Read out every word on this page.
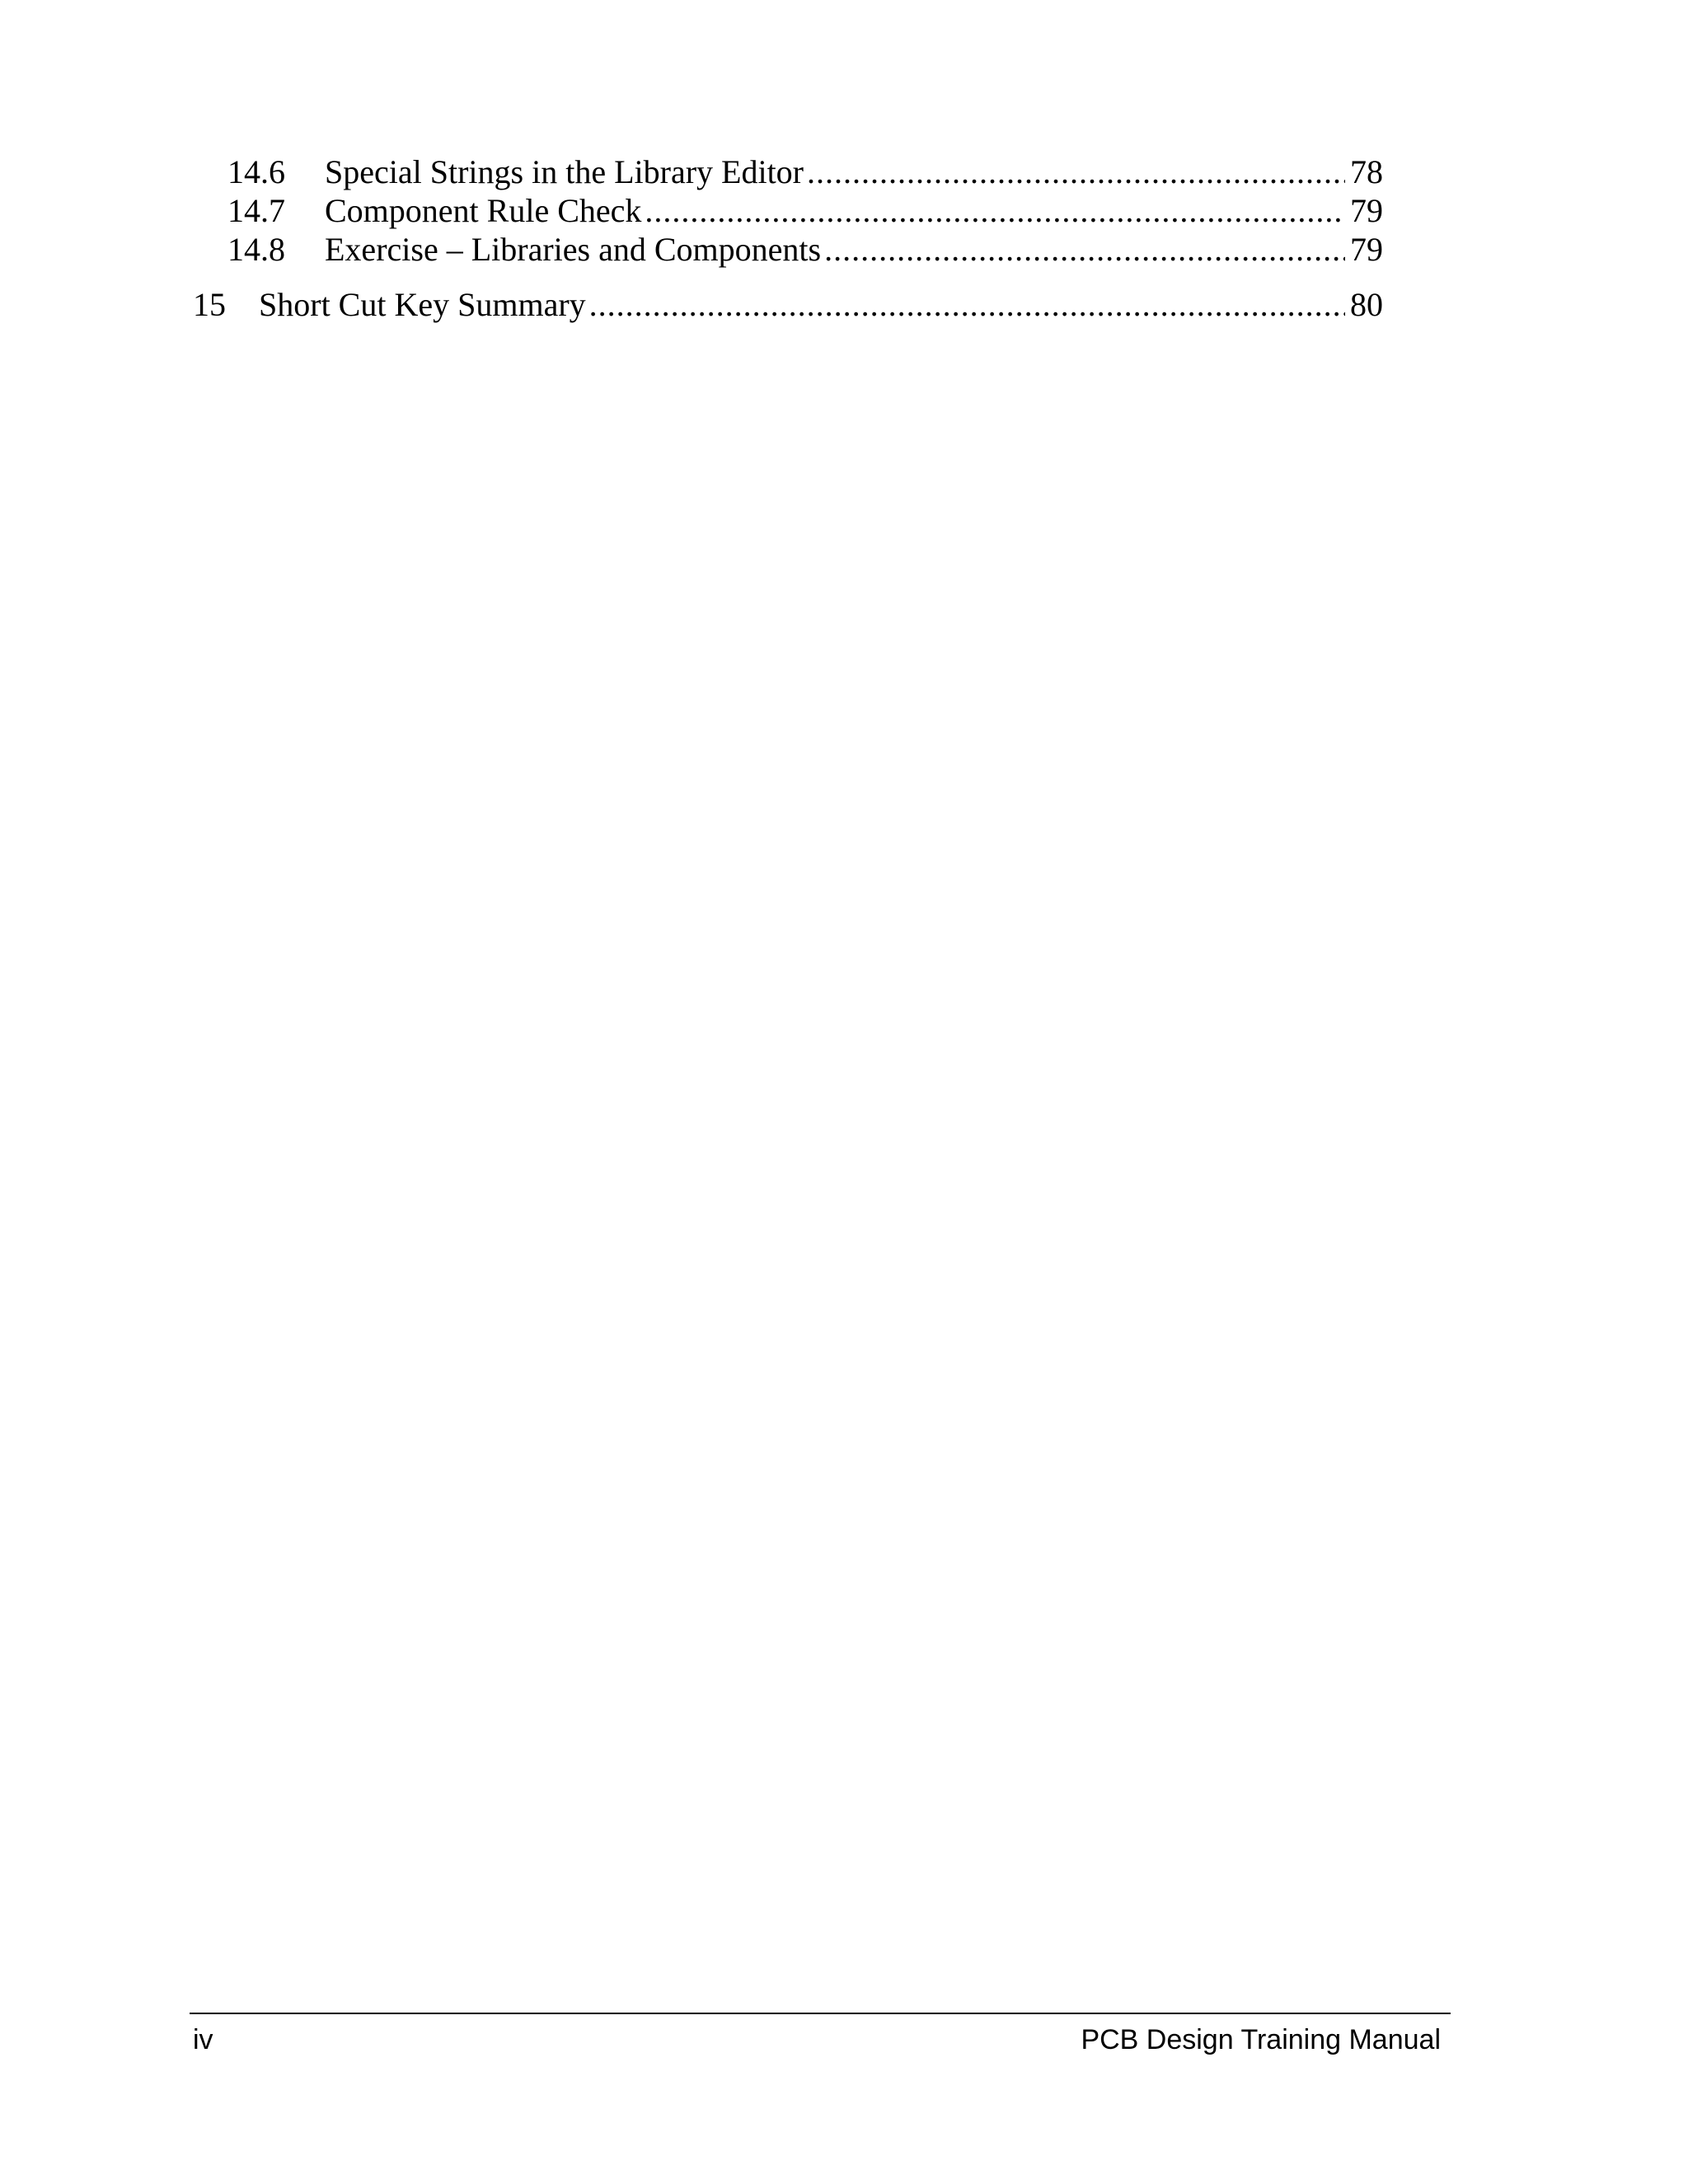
14.6	Special Strings in the Library Editor .....	78
14.7	Component Rule Check .....	79
14.8	Exercise – Libraries and Components .....	79
15	Short Cut Key Summary .....	80
iv	PCB Design Training Manual
